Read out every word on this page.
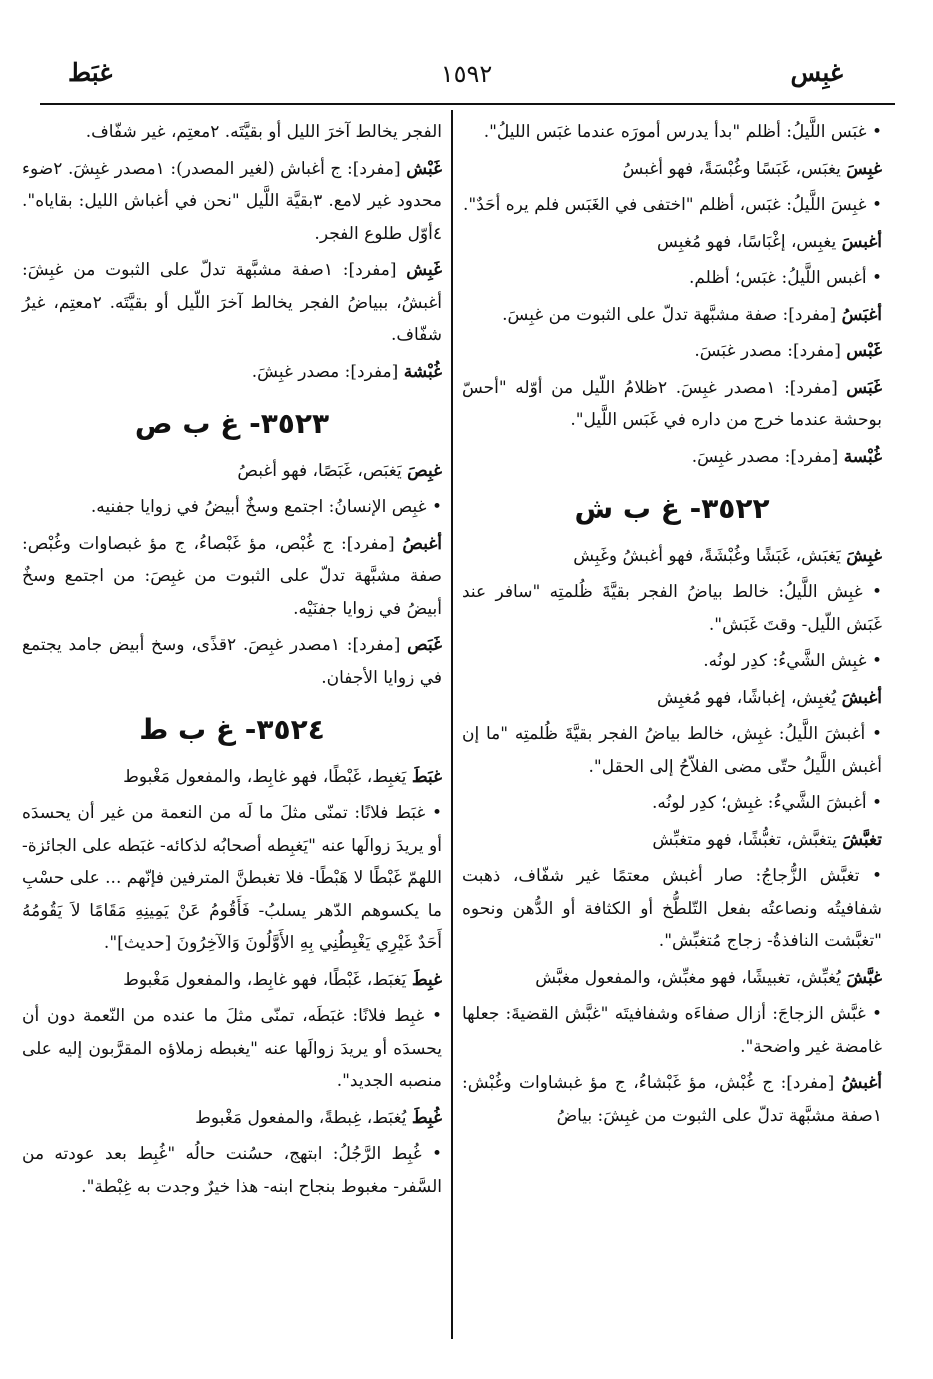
غبِس
١٥٩٢
غبَط

• غبَس اللَّيلُ: أظلم "بدأ يدرس أمورَه عندما غبَس الليلُ".

غبِسَ يغبَس، غَبَسًا وغُبْسَةً، فهو أغبسُ

• غبِسَ اللَّيلُ: غبَس، أظلم "اختفى في الغَبَس فلم يره أحَدٌ".

أغبسَ يغبِس، إغْبَاسًا، فهو مُغبِس

• أغبس اللَّيلُ: غبَس؛ أظلم.

أغبَسُ [مفرد]: صفة مشبَّهة تدلّ على الثبوت من غبِسَ.

غَبْس [مفرد]: مصدر غبَسَ.

غَبَس [مفرد]: ١مصدر غبِسَ. ٢ظلامُ اللّيل من أوّله "أحسّ بوحشة عندما خرج من داره في غَبَس اللَّيل".

غُبْسة [مفرد]: مصدر غبِسَ.

٣٥٢٢- غ ب ش

غبِشَ يَغبَش، غَبَشًا وغُبْشَةً، فهو أغبشُ وغَبِش

• غبِش اللَّيلُ: خالط بياضُ الفجر بقيَّةَ ظُلمتِه "سافر عند غَبَش اللّيل- وقتَ غَبَش".

• غبِش الشَّيءُ: كدِر لونُه.

أغبشَ يُغبِش، إغباشًا، فهو مُغبِش

• أغبشَ اللَّيلُ: غبِش، خالط بياضُ الفجر بقيَّةَ ظُلمتِه "ما إن أغبش اللَّيلُ حتّى مضى الفلاّحُ إلى الحقل".

• أغبشَ الشَّيءُ: غبِش؛ كدِر لونُه.

تغبَّشَ يتغبَّش، تغبُّشًا، فهو متغبِّش

• تغبَّش الزُّجاجُ: صار أغبش معتمًا غير شفّاف، ذهبت شفافيتُه ونصاعتُه بفعل التّلطُّخ أو الكثافة أو الدُّهن ونحوه "تغبَّشت النافذةُ- زجاج مُتغبِّش".

غبَّشَ يُغبِّش، تغبيشًا، فهو مغبِّش، والمفعول مغبَّش

• غبَّش الزجاجَ: أزال صفاءَه وشفافيتَه "غبَّش القضيةَ: جعلها غامضة غير واضحة".

أغبشُ [مفرد]: ج غُبْش، مؤ غَبْشاءُ، ج مؤ غبشاوات وغُبْش: ١صفة مشبَّهة تدلّ على الثبوت من غبِشَ: بياضُ

الفجر يخالط آخرَ الليل أو بقيَّتَه. ٢معتِم، غير شفّاف.

غَبْش [مفرد]: ج أغباش (لغير المصدر): ١مصدر غبِشَ. ٢ضوء محدود غير لامع. ٣بقيَّة اللَّيل "نحن في أغباش الليل: بقاياه". ٤أوّل طلوع الفجر.

غَبِش [مفرد]: ١صفة مشبَّهة تدلّ على الثبوت من غبِشَ: أغبشُ، ببياضُ الفجر يخالط آخرَ اللّيل أو بقيَّتَه. ٢معتِم، غيرُ شفّاف.

غُبْشة [مفرد]: مصدر غبِشَ.

٣٥٢٣- غ ب ص

غبِصَ يَغبَص، غَبَصًا، فهو أغبصُ

• غبِص الإنسانُ: اجتمع وسخٌ أبيضُ في زوايا جفنيه.

أغبصُ [مفرد]: ج غُبْص، مؤ غَبْصاءُ، ج مؤ غبصاوات وغُبْص: صفة مشبَّهة تدلّ على الثبوت من غبِصَ: من اجتمع وسخٌ أبيضُ في زوايا جفنَيْه.

غَبَص [مفرد]: ١مصدر غبِصَ. ٢قذًى، وسخ أبيض جامد يجتمع في زوايا الأجفان.

٣٥٢٤- غ ب ط

غبَطَ يَغبِط، غَبْطًا، فهو غابِط، والمفعول مَغْبوط

• غبَط فلانًا: تمنّى مثلَ ما لَه من النعمة من غير أن يحسدَه أو يريدَ زوالَها عنه "يَغبِطه أصحابُه لذكائه- غبَطه على الجائزة- اللهمّ غَبْطًا لا هَبْطًا- فلا تغبطنَّ المترفين فإنّهم ... على حسْبِ ما يكسوهم الدّهر يسلبُ- فَأَقُومُ عَنْ يَمِينِهِ مَقَامًا لاَ يَقُومُهُ أَحَدٌ غَيْرِي يَغْبِطُنِي بِهِ الأَوَّلُونَ وَالآخِرُونَ [حديث]".

غبِطَ يَغبَط، غَبْطًا، فهو غابِط، والمفعول مَغْبوط

• غبِط فلانًا: غبَطَه، تمنّى مثلَ ما عنده من النّعمة دون أن يحسدَه أو يريدَ زوالَها عنه "يغبطه زملاؤه المقرَّبون إليه على منصبه الجديد".

غُبِطَ يُغبَط، غِبطةً، والمفعول مَغْبوط

• غُبِط الرَّجُلُ: ابتهج، حسُنت حالُه "غُبِط بعد عودته من السَّفر- مغبوط بنجاح ابنه- هذا خيرٌ وجدت به غِبْطة".
